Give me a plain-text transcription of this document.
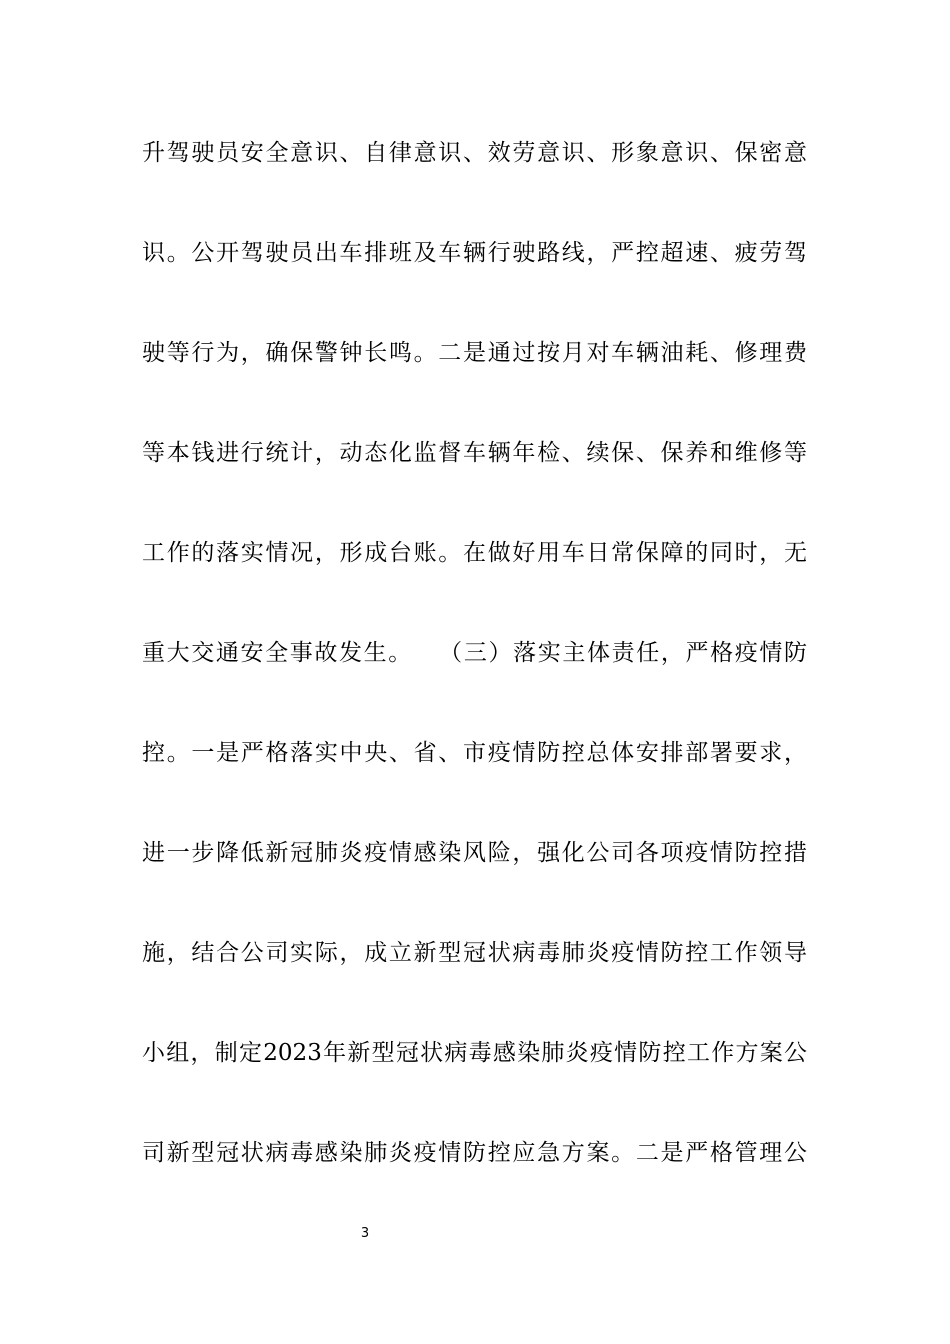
升驾驶员安全意识、自律意识、效劳意识、形象意识、保密意
识。公开驾驶员出车排班及车辆行驶路线，严控超速、疲劳驾
驶等行为，确保警钟长鸣。二是通过按月对车辆油耗、修理费
等本钱进行统计，动态化监督车辆年检、续保、保养和维修等
工作的落实情况，形成台账。在做好用车日常保障的同时，无
重大交通安全事故发生。　　（三）落实主体责任，严格疫情防
控。一是严格落实中央、省、市疫情防控总体安排部署要求，
进一步降低新冠肺炎疫情感染风险，强化公司各项疫情防控措
施，结合公司实际，成立新型冠状病毒肺炎疫情防控工作领导
小组，制定2023年新型冠状病毒感染肺炎疫情防控工作方案公
司新型冠状病毒感染肺炎疫情防控应急方案。二是严格管理公
3
